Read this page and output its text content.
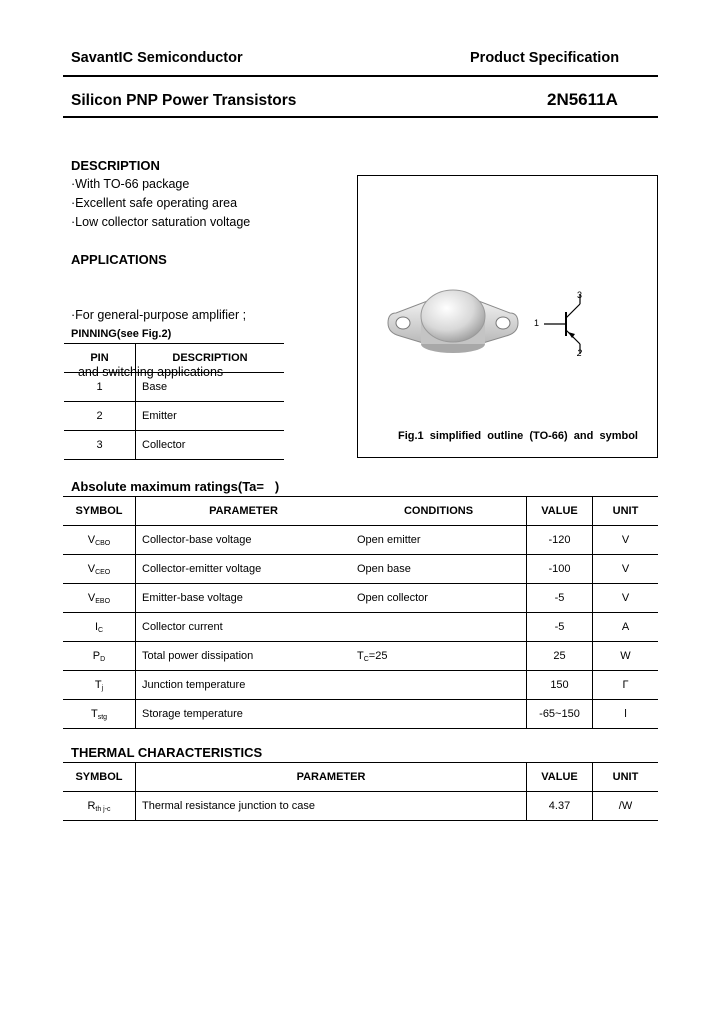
SavantIC Semiconductor	Product Specification
Silicon PNP Power Transistors	2N5611A
DESCRIPTION
·With TO-66 package
·Excellent safe operating area
·Low collector saturation voltage
APPLICATIONS

·For general-purpose amplifier ;

and switching applications

PINNING(see Fig.2)
PIN	DESCRIPTION
1	Base
2	Emitter
3	Collector
1
3
2
Fig.1  simplified  outline  (TO-66)  and  symbol
Absolute maximum ratings(Ta=   )
SYMBOL	PARAMETER	CONDITIONS	VALUE	UNIT
$V_{CBO}$	Collector-base voltage	Open emitter	-120	V
$V_{CEO}$	Collector-emitter voltage	Open base	-100	V
$V_{EBO}$	Emitter-base voltage	Open collector	-5	V
$I_C$	Collector current		-5	A
$P_D$	Total power dissipation	$T_C=25$	25	W
$T_j$	Junction temperature		150	Γ
$T_{stg}$	Storage temperature		-65~150	ǀ
THERMAL CHARACTERISTICS
SYMBOL	PARAMETER	VALUE	UNIT
$R_{th j-c}$	Thermal resistance junction to case	4.37	/W
